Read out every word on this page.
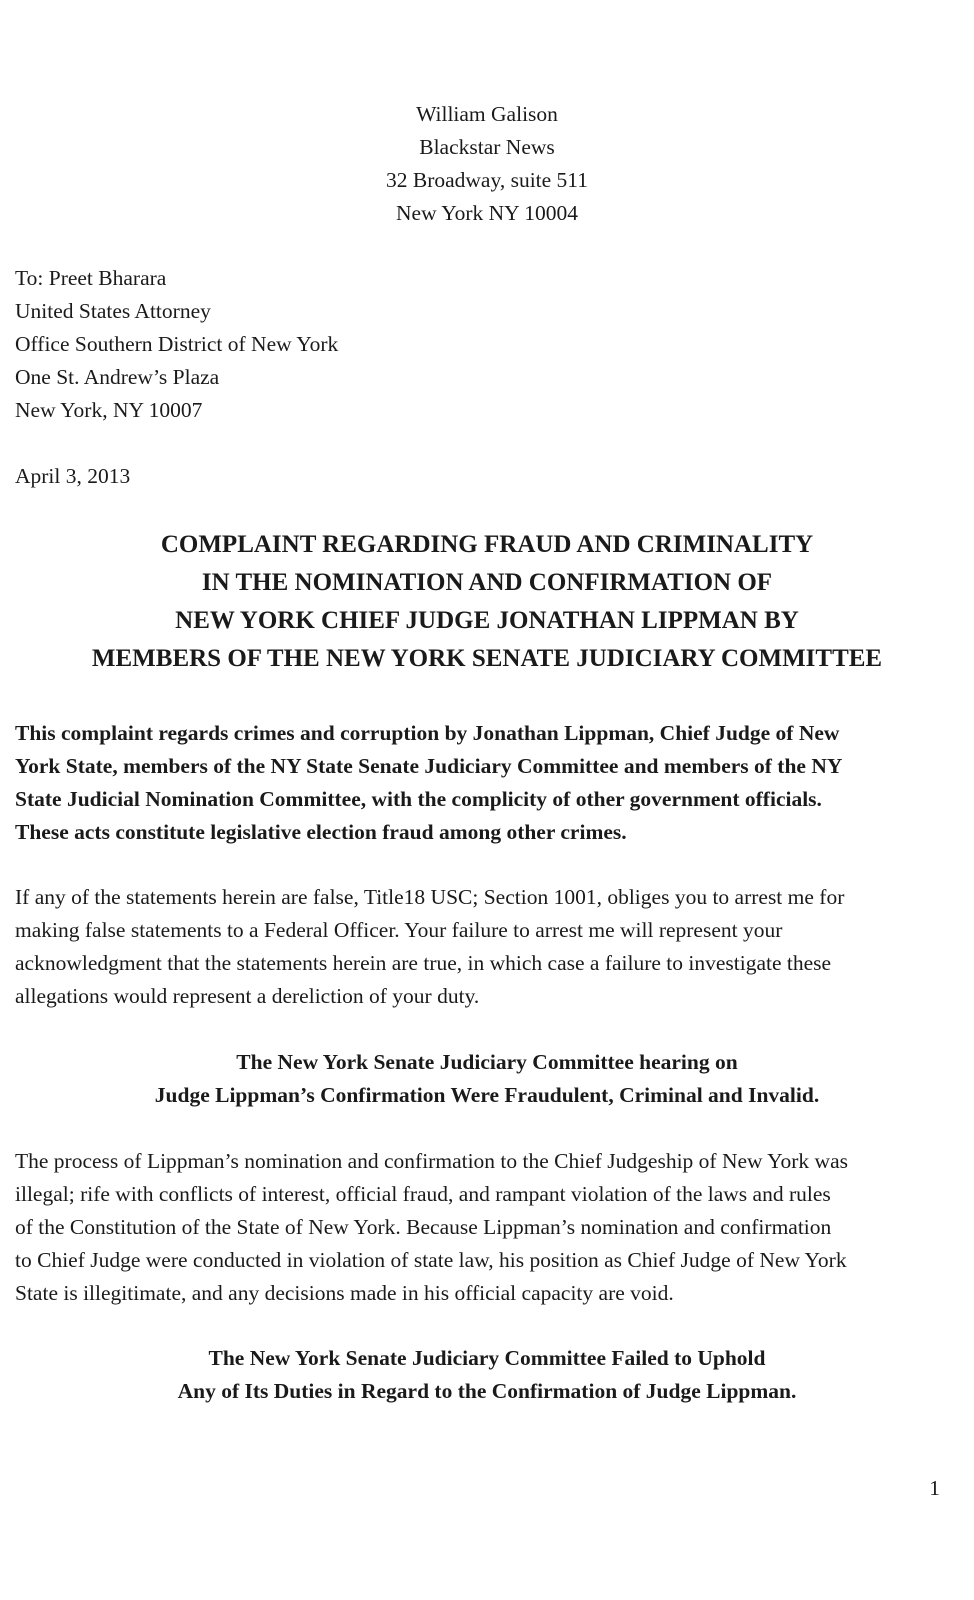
William Galison

Blackstar News

32 Broadway, suite 511

New York NY 10004

To: Preet Bharara

United States Attorney

Office Southern District of New York

One St. Andrew’s Plaza

New York, NY 10007

April 3, 2013

COMPLAINT REGARDING FRAUD AND CRIMINALITY

IN THE NOMINATION AND CONFIRMATION OF

NEW YORK CHIEF JUDGE JONATHAN LIPPMAN BY

MEMBERS OF THE NEW YORK SENATE JUDICIARY COMMITTEE

This complaint regards crimes and corruption by Jonathan Lippman, Chief Judge of New

York State, members of the NY State Senate Judiciary Committee and members of the NY

State Judicial Nomination Committee, with the complicity of other government officials.

These acts constitute legislative election fraud among other crimes.

If any of the statements herein are false, Title18 USC; Section 1001, obliges you to arrest me for

making false statements to a Federal Officer. Your failure to arrest me will represent your

acknowledgment that the statements herein are true, in which case a failure to investigate these

allegations would represent a dereliction of your duty.

The New York Senate Judiciary Committee hearing on

Judge Lippman’s Confirmation Were Fraudulent, Criminal and Invalid.

The process of Lippman’s nomination and confirmation to the Chief Judgeship of New York was

illegal; rife with conflicts of interest, official fraud, and rampant violation of the laws and rules

of the Constitution of the State of New York. Because Lippman’s nomination and confirmation

to Chief Judge were conducted in violation of state law, his position as Chief Judge of New York

State is illegitimate, and any decisions made in his official capacity are void.

The New York Senate Judiciary Committee Failed to Uphold

Any of Its Duties in Regard to the Confirmation of Judge Lippman.

1
